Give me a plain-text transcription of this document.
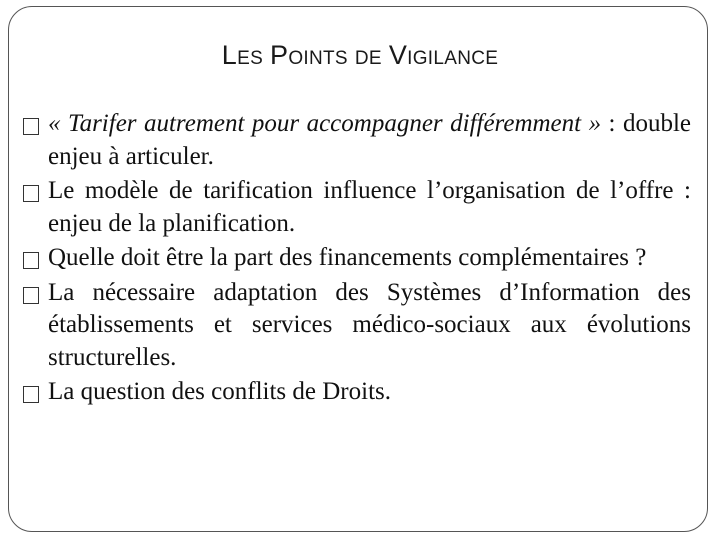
LES POINTS DE VIGILANCE
« Tarifer autrement pour accompagner différemment » : double enjeu à articuler.
Le modèle de tarification influence l’organisation de l’offre : enjeu de la planification.
Quelle doit être la part des financements complémentaires ?
La nécessaire adaptation des Systèmes d’Information des établissements et services médico-sociaux aux évolutions structurelles.
La question des conflits de Droits.
